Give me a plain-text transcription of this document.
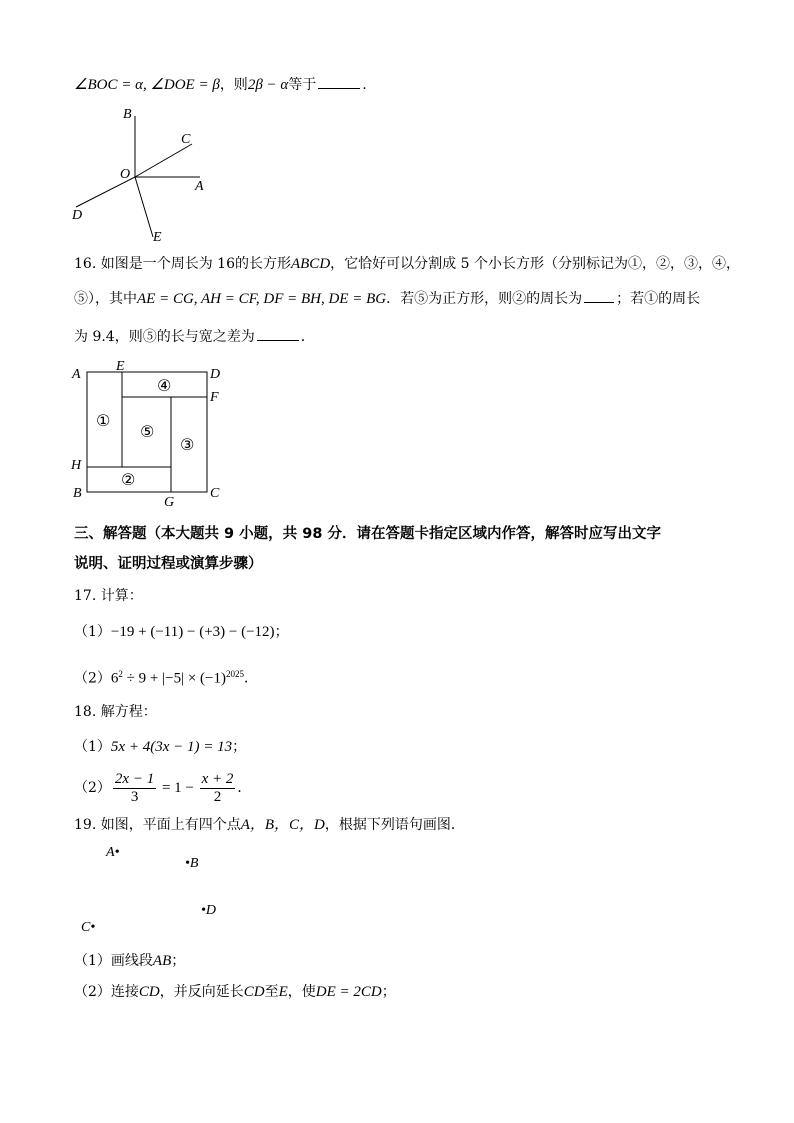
∠BOC = α, ∠DOE = β，则2β − α等于	.
B
C
O
A
D
E
16. 如图是一个周长为 16的长方形ABCD，它恰好可以分割成 5 个小长方形（分别标记为①，②，③，④，
⑤），其中AE = CG, AH = CF, DF = BH, DE = BG．若⑤为正方形，则②的周长为 ；若①的周长
为 9.4，则⑤的长与宽之差为	．
A
E
D
F
H
B
G
C
①
②
③
④
⑤
三、解答题（本大题共 9 小题，共 98 分．请在答题卡指定区域内作答，解答时应写出文字
说明、证明过程或演算步骤）
17. 计算：
（1）−19 + (−11) − (+3) − (−12)；
$(2)6^2 \div 9 + |-5| \times (-1)^{2025}$．
18. 解方程：
（1）5x + 4(3x − 1) = 13；
$(2) \frac{2x - 1}{3} = 1 - \frac{x + 2}{2}$ ．
19. 如图，平面上有四个点A，B，C，D，根据下列语句画图．
A•
•B
•D
C•
（1）画线段AB；
（2）连接CD，并反向延长CD至E，使DE = 2CD；
